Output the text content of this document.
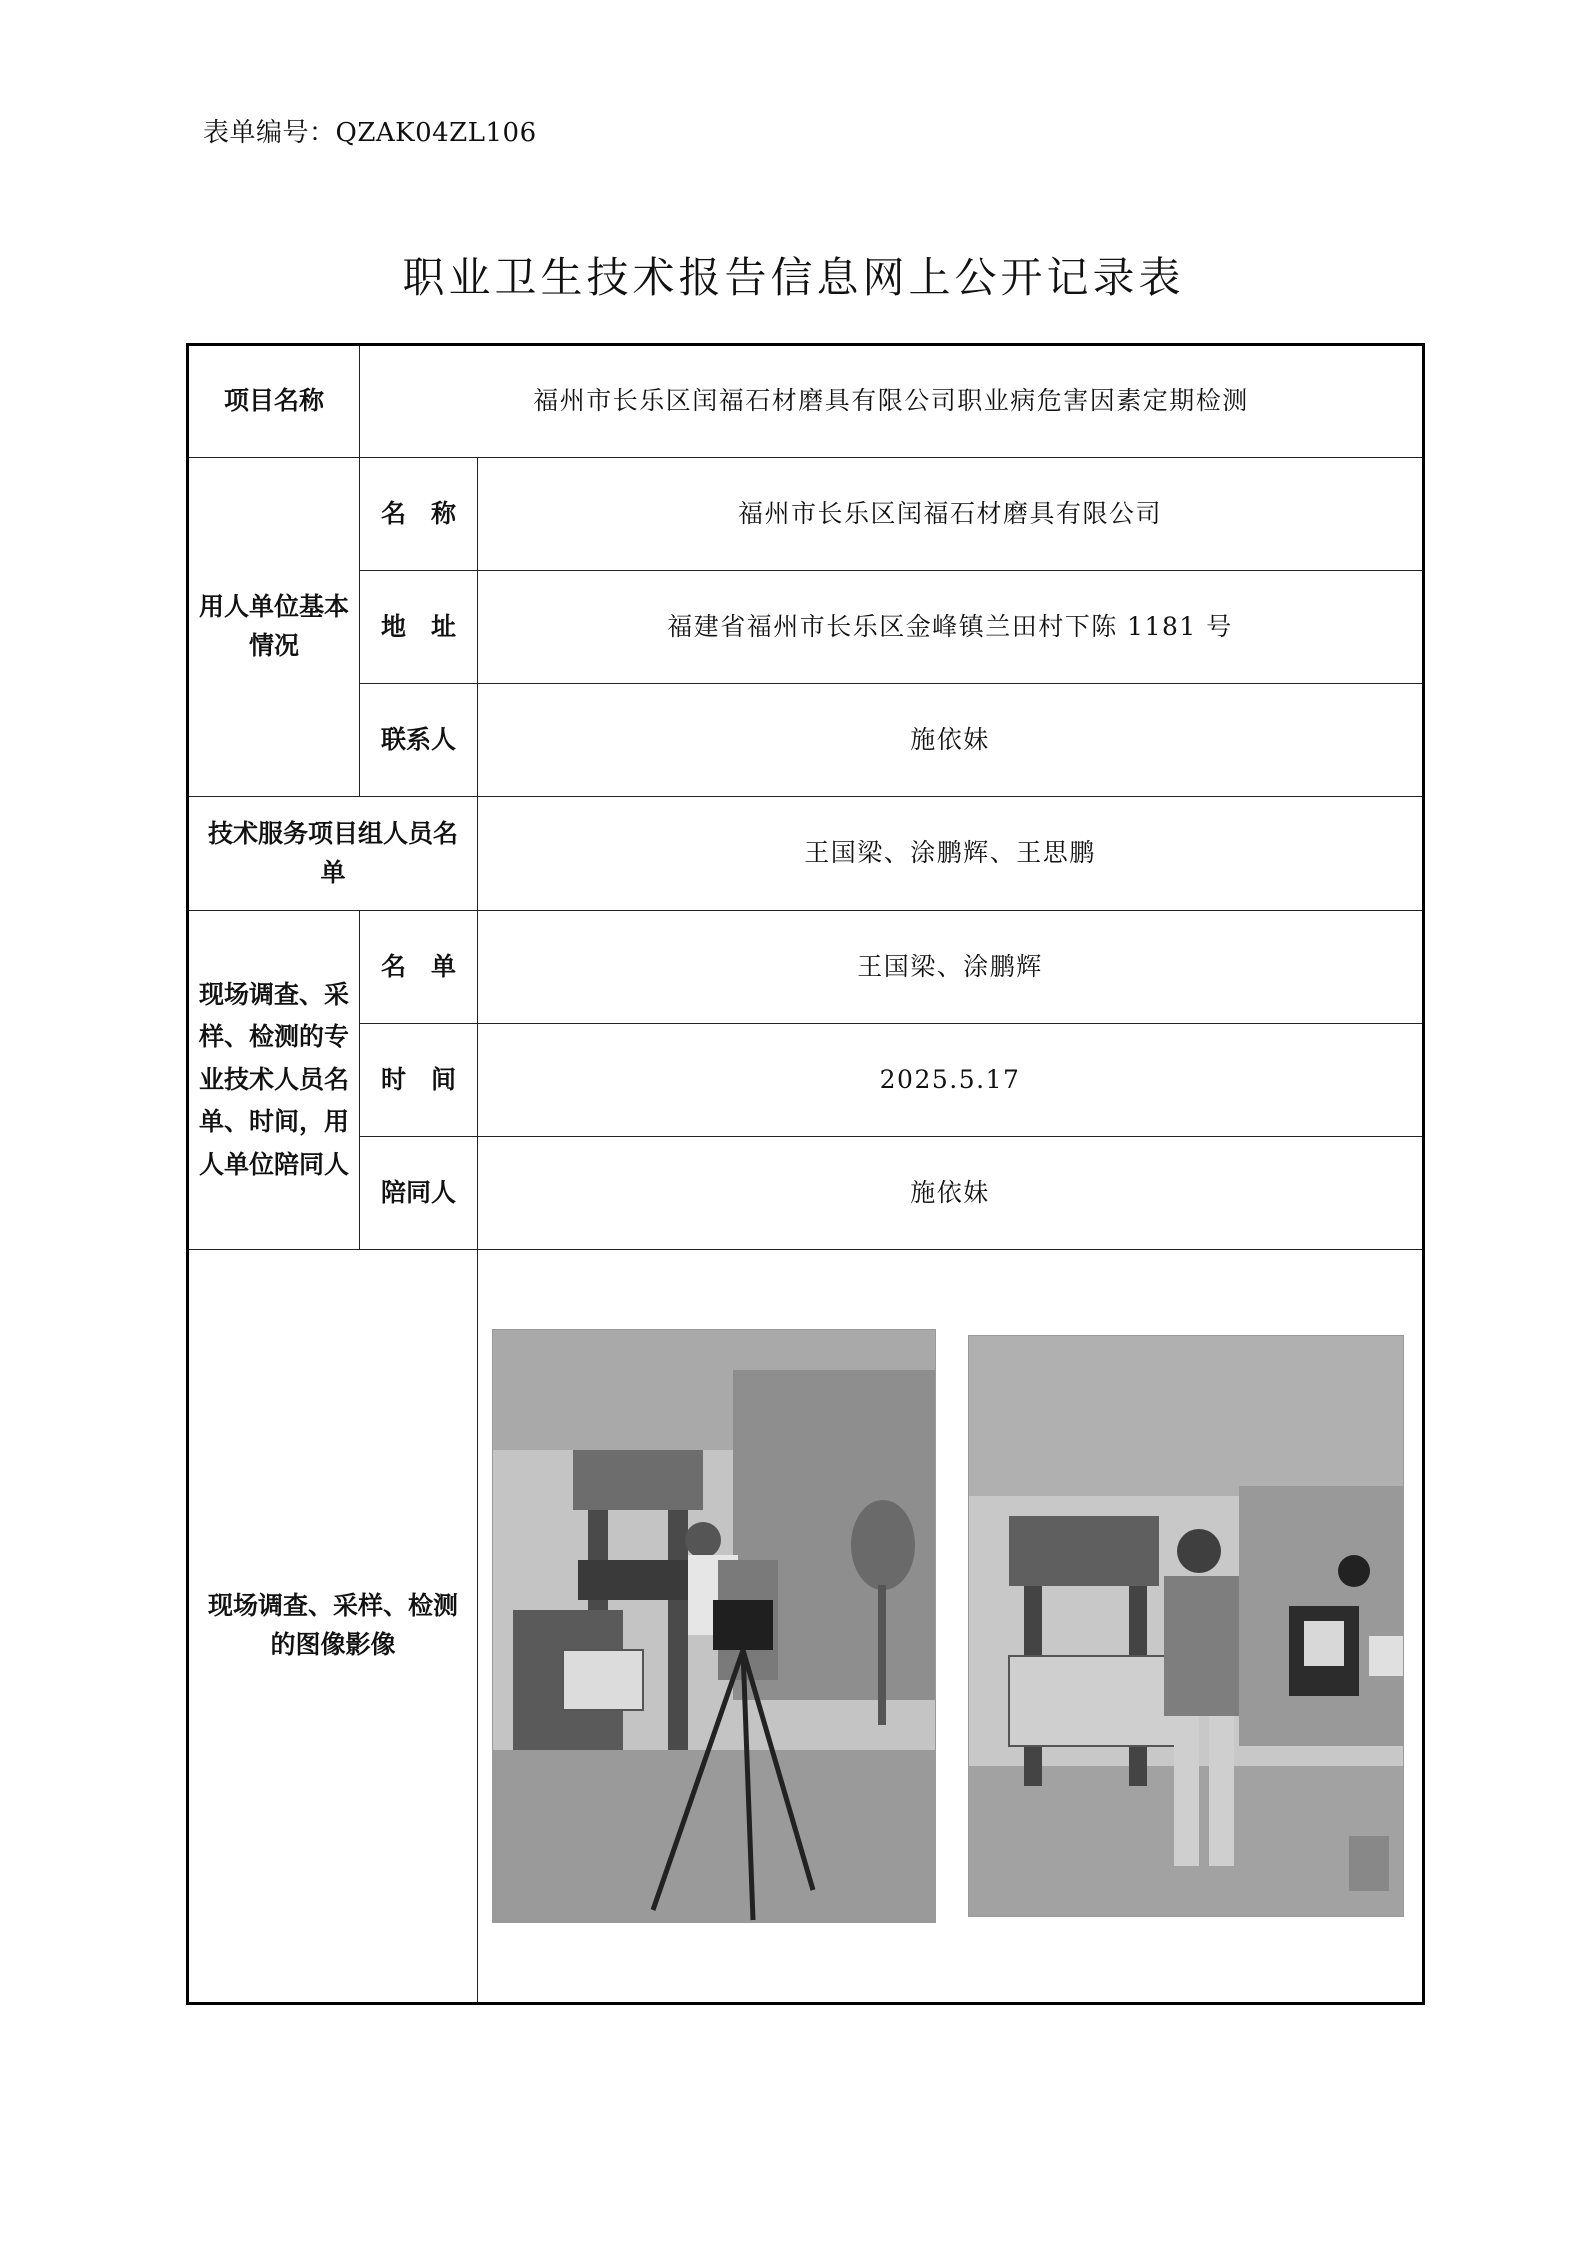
表单编号：QZAK04ZL106
职业卫生技术报告信息网上公开记录表
项目名称	福州市长乐区闰福石材磨具有限公司职业病危害因素定期检测	
用人单位基本情况	名　称	福州市长乐区闰福石材磨具有限公司
	地　址	福建省福州市长乐区金峰镇兰田村下陈 1181 号
	联系人	施依妹
技术服务项目组人员名单		王国梁、涂鹏辉、王思鹏
现场调查、采样、检测的专业技术人员名单、时间，用人单位陪同人	名　单	王国梁、涂鹏辉
	时　间	2025.5.17
	陪同人	施依妹
现场调查、采样、检测的图像影像	
